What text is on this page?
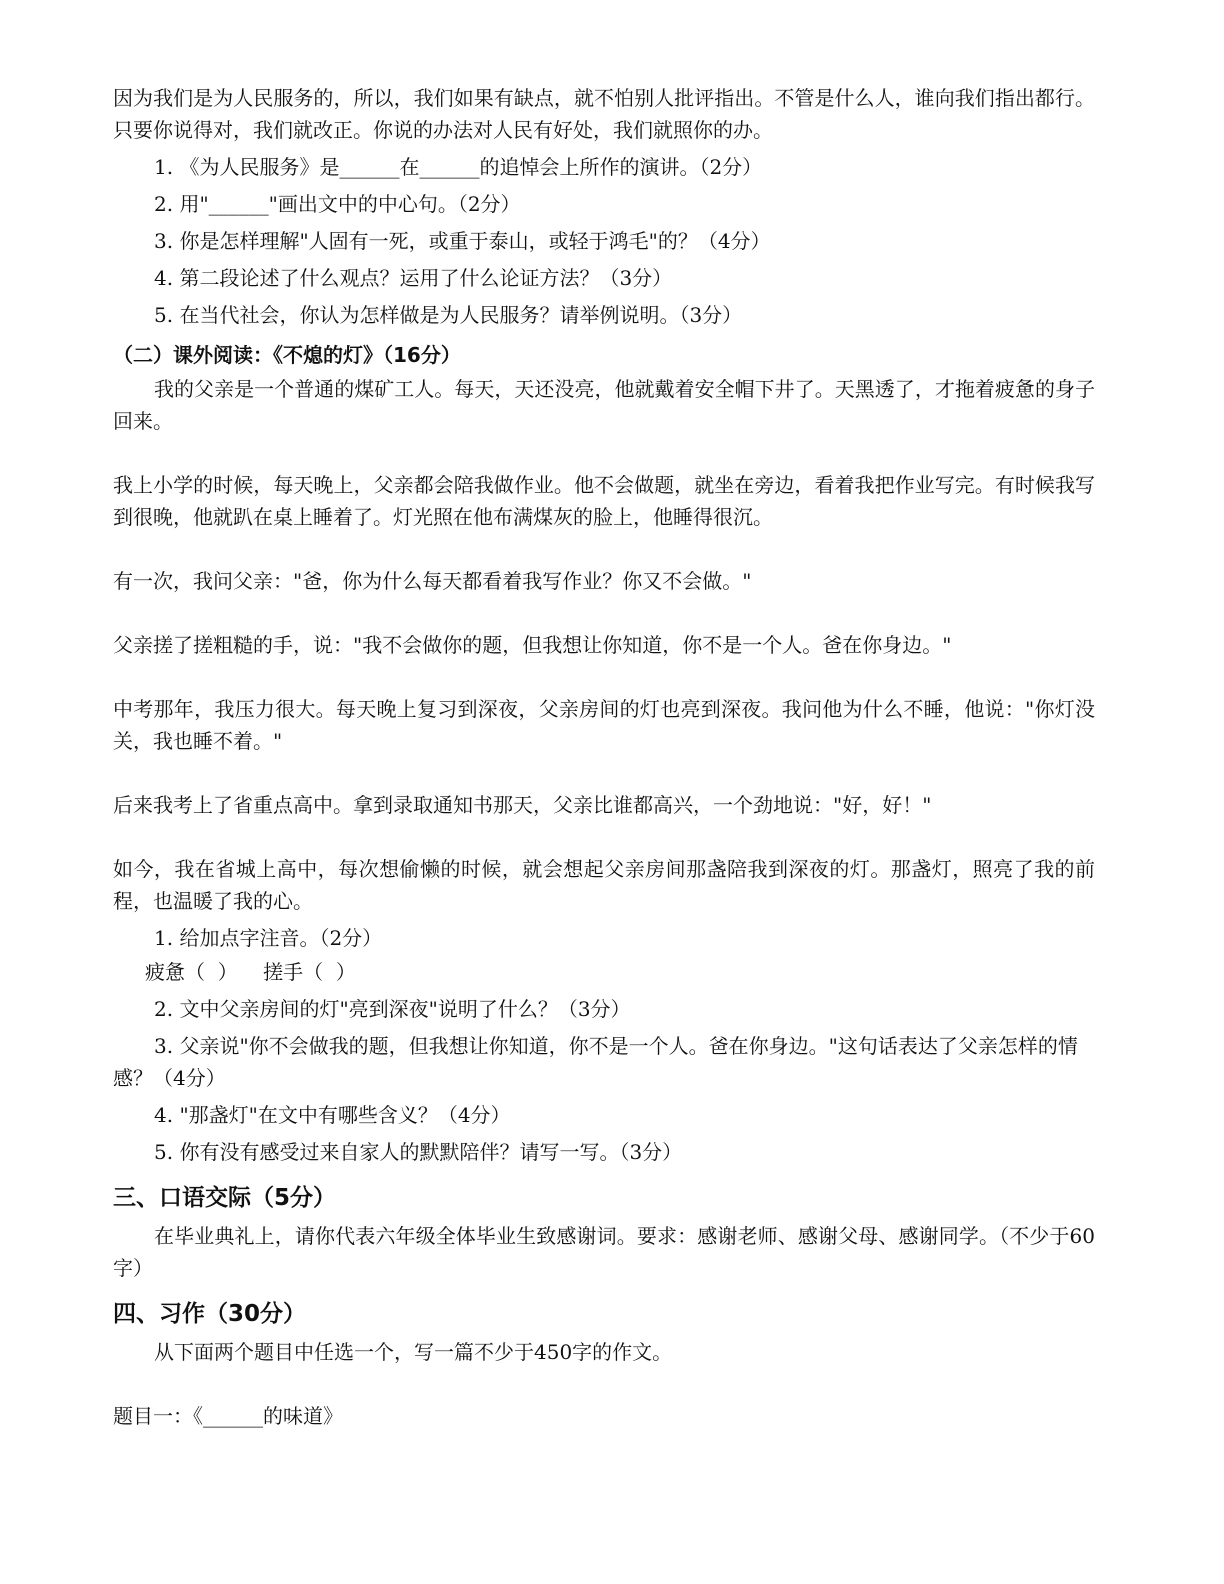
因为我们是为人民服务的，所以，我们如果有缺点，就不怕别人批评指出。不管是什么人，谁向我们指出都行。只要你说得对，我们就改正。你说的办法对人民有好处，我们就照你的办。

1. 《为人民服务》是______在______的追悼会上所作的演讲。（2分）

2. 用"______"画出文中的中心句。（2分）

3. 你是怎样理解"人固有一死，或重于泰山，或轻于鸿毛"的？（4分）

4. 第二段论述了什么观点？运用了什么论证方法？（3分）

5. 在当代社会，你认为怎样做是为人民服务？请举例说明。（3分）

（二）课外阅读：《不熄的灯》（16分）

我的父亲是一个普通的煤矿工人。每天，天还没亮，他就戴着安全帽下井了。天黑透了，才拖着疲惫的身子回来。

我上小学的时候，每天晚上，父亲都会陪我做作业。他不会做题，就坐在旁边，看着我把作业写完。有时候我写到很晚，他就趴在桌上睡着了。灯光照在他布满煤灰的脸上，他睡得很沉。

有一次，我问父亲："爸，你为什么每天都看着我写作业？你又不会做。"

父亲搓了搓粗糙的手，说："我不会做你的题，但我想让你知道，你不是一个人。爸在你身边。"

中考那年，我压力很大。每天晚上复习到深夜，父亲房间的灯也亮到深夜。我问他为什么不睡，他说："你灯没关，我也睡不着。"

后来我考上了省重点高中。拿到录取通知书那天，父亲比谁都高兴，一个劲地说："好，好！"

如今，我在省城上高中，每次想偷懒的时候，就会想起父亲房间那盏陪我到深夜的灯。那盏灯，照亮了我的前程，也温暖了我的心。

1. 给加点字注音。（2分）

疲惫（  ）    搓手（  ）

2. 文中父亲房间的灯"亮到深夜"说明了什么？（3分）

3. 父亲说"你不会做我的题，但我想让你知道，你不是一个人。爸在你身边。"这句话表达了父亲怎样的情感？（4分）

4. "那盏灯"在文中有哪些含义？（4分）

5. 你有没有感受过来自家人的默默陪伴？请写一写。（3分）

三、口语交际（5分）

在毕业典礼上，请你代表六年级全体毕业生致感谢词。要求：感谢老师、感谢父母、感谢同学。（不少于60字）

四、习作（30分）

从下面两个题目中任选一个，写一篇不少于450字的作文。

题目一：《______的味道》
